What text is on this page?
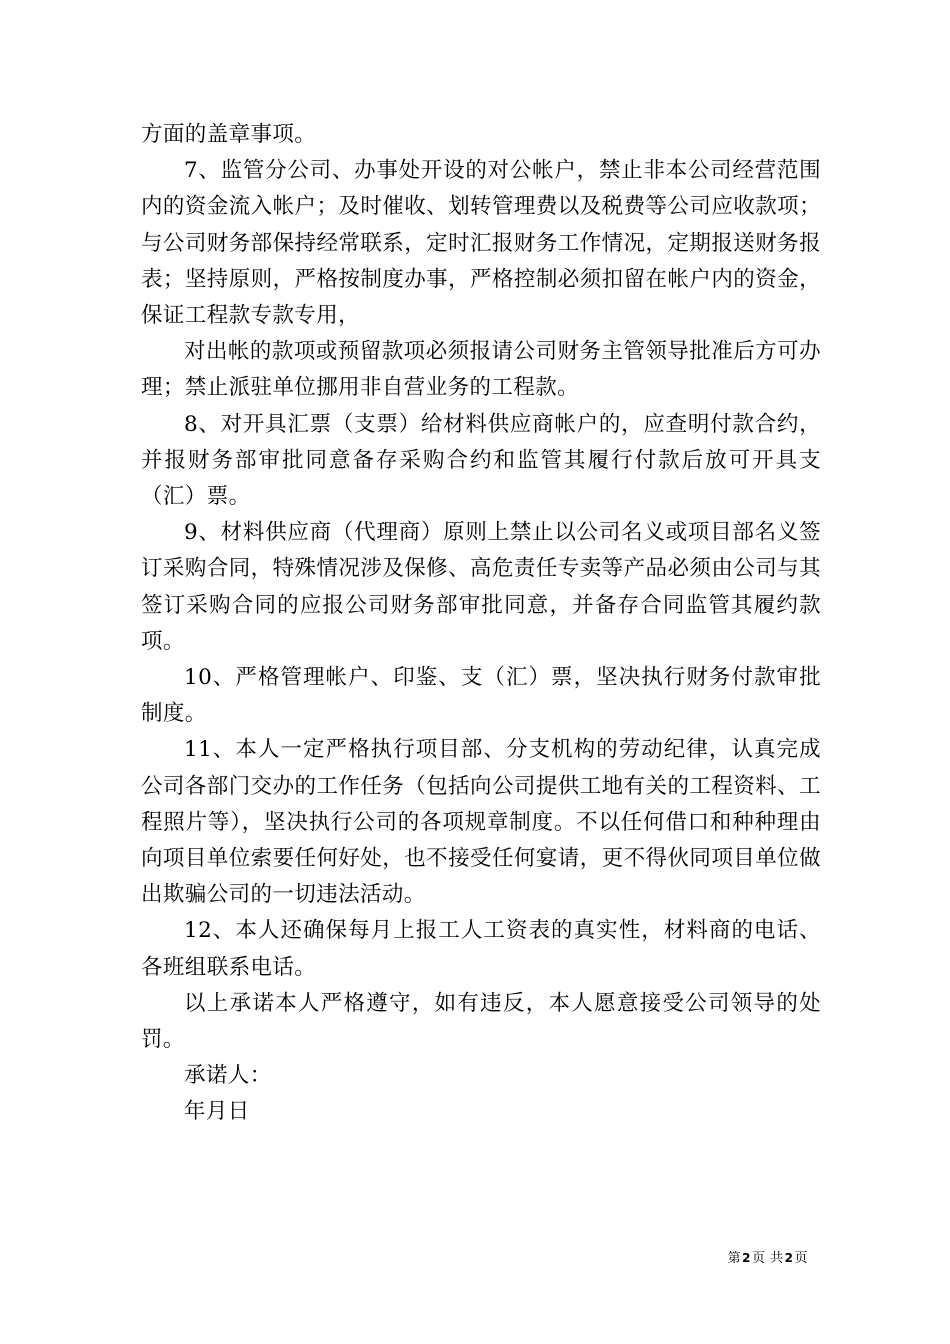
方面的盖章事项。

7、监管分公司、办事处开设的对公帐户，禁止非本公司经营范围内的资金流入帐户；及时催收、划转管理费以及税费等公司应收款项；与公司财务部保持经常联系，定时汇报财务工作情况，定期报送财务报表；坚持原则，严格按制度办事，严格控制必须扣留在帐户内的资金，保证工程款专款专用，

对出帐的款项或预留款项必须报请公司财务主管领导批准后方可办理；禁止派驻单位挪用非自营业务的工程款。

8、对开具汇票（支票）给材料供应商帐户的，应查明付款合约，并报财务部审批同意备存采购合约和监管其履行付款后放可开具支（汇）票。

9、材料供应商（代理商）原则上禁止以公司名义或项目部名义签订采购合同，特殊情况涉及保修、高危责任专卖等产品必须由公司与其签订采购合同的应报公司财务部审批同意，并备存合同监管其履约款项。

10、严格管理帐户、印鉴、支（汇）票，坚决执行财务付款审批制度。

11、本人一定严格执行项目部、分支机构的劳动纪律，认真完成公司各部门交办的工作任务（包括向公司提供工地有关的工程资料、工程照片等），坚决执行公司的各项规章制度。不以任何借口和种种理由向项目单位索要任何好处，也不接受任何宴请，更不得伙同项目单位做出欺骗公司的一切违法活动。

12、本人还确保每月上报工人工资表的真实性，材料商的电话、各班组联系电话。

以上承诺本人严格遵守，如有违反，本人愿意接受公司领导的处罚。

承诺人：

年月日

第2页 共2页
